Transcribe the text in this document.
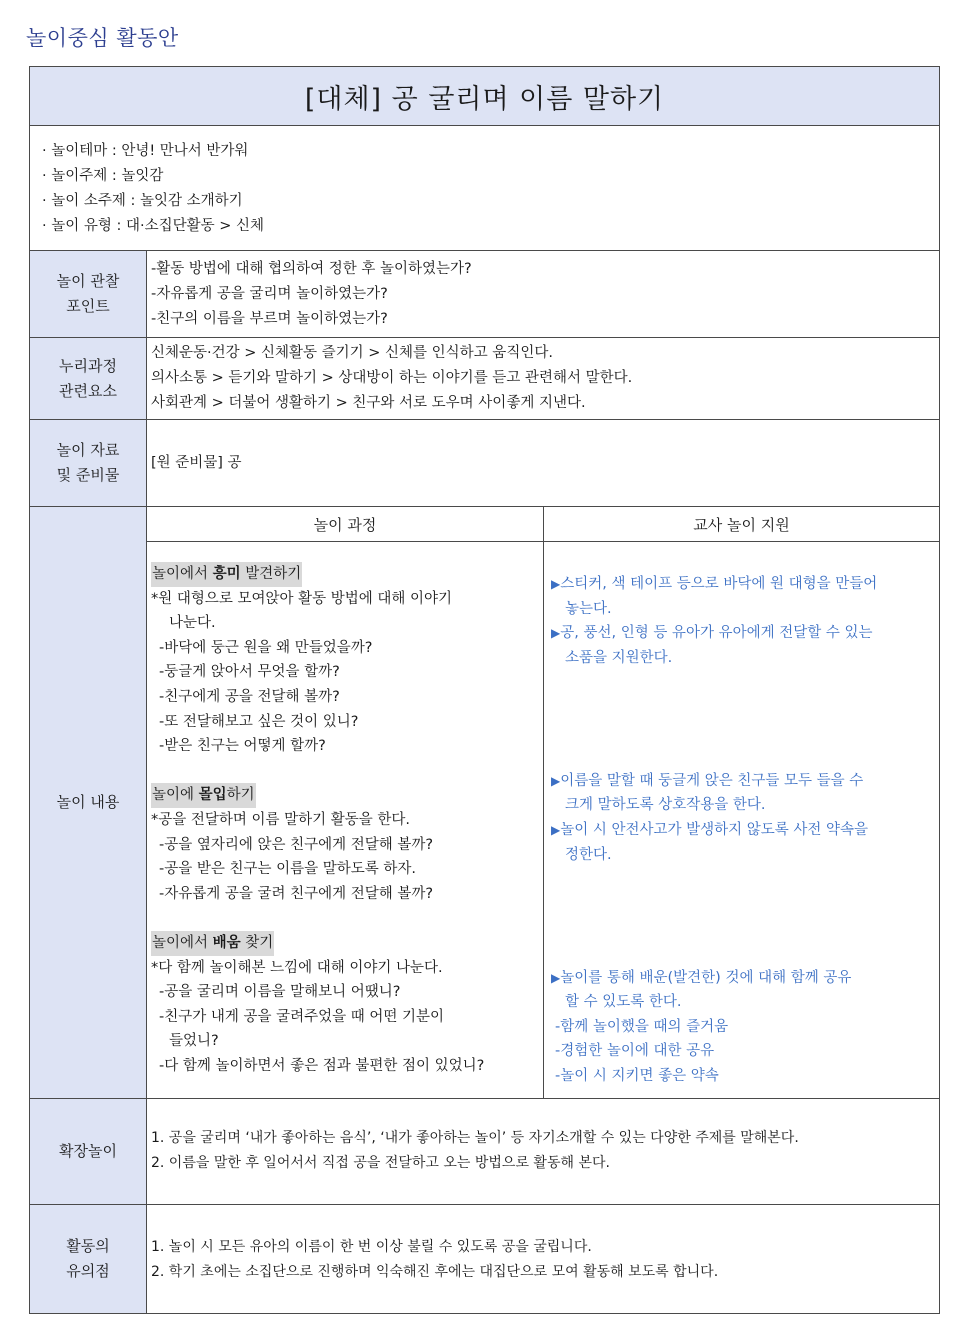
놀이중심 활동안
[대체] 공 굴리며 이름 말하기
· 놀이테마 : 안녕! 만나서 반가워
· 놀이주제 : 놀잇감
· 놀이 소주제 : 놀잇감 소개하기
· 놀이 유형 : 대·소집단활동 > 신체
놀이 관찰
포인트
-활동 방법에 대해 협의하여 정한 후 놀이하였는가?
-자유롭게 공을 굴리며 놀이하였는가?
-친구의 이름을 부르며 놀이하였는가?
누리과정
관련요소
신체운동·건강 > 신체활동 즐기기 > 신체를 인식하고 움직인다.
의사소통 > 듣기와 말하기 > 상대방이 하는 이야기를 듣고 관련해서 말한다.
사회관계 > 더불어 생활하기 > 친구와 서로 도우며 사이좋게 지낸다.
놀이 자료
및 준비물
[원 준비물] 공
놀이 내용
놀이 과정	교사 놀이 지원
놀이에서 흥미 발견하기
*원 대형으로 모여앉아 활동 방법에 대해 이야기
나눈다.
-바닥에 둥근 원을 왜 만들었을까?
-둥글게 앉아서 무엇을 할까?
-친구에게 공을 전달해 볼까?
-또 전달해보고 싶은 것이 있니?
-받은 친구는 어떻게 할까?

놀이에 몰입하기
*공을 전달하며 이름 말하기 활동을 한다.
-공을 옆자리에 앉은 친구에게 전달해 볼까?
-공을 받은 친구는 이름을 말하도록 하자.
-자유롭게 공을 굴려 친구에게 전달해 볼까?

놀이에서 배움 찾기
*다 함께 놀이해본 느낌에 대해 이야기 나눈다.
-공을 굴리며 이름을 말해보니 어땠니?
-친구가 내게 공을 굴려주었을 때 어떤 기분이
들었니?
-다 함께 놀이하면서 좋은 점과 불편한 점이 있었니?
▶스티커, 색 테이프 등으로 바닥에 원 대형을 만들어
놓는다.
▶공, 풍선, 인형 등 유아가 유아에게 전달할 수 있는
소품을 지원한다.

▶이름을 말할 때 둥글게 앉은 친구들 모두 들을 수
크게 말하도록 상호작용을 한다.
▶놀이 시 안전사고가 발생하지 않도록 사전 약속을
정한다.

▶놀이를 통해 배운(발견한) 것에 대해 함께 공유
할 수 있도록 한다.
-함께 놀이했을 때의 즐거움
-경험한 놀이에 대한 공유
-놀이 시 지키면 좋은 약속
확장놀이
1. 공을 굴리며 ‘내가 좋아하는 음식’, ‘내가 좋아하는 놀이’ 등 자기소개할 수 있는 다양한 주제를 말해본다.
2. 이름을 말한 후 일어서서 직접 공을 전달하고 오는 방법으로 활동해 본다.
활동의
유의점
1. 놀이 시 모든 유아의 이름이 한 번 이상 불릴 수 있도록 공을 굴립니다.
2. 학기 초에는 소집단으로 진행하며 익숙해진 후에는 대집단으로 모여 활동해 보도록 합니다.
